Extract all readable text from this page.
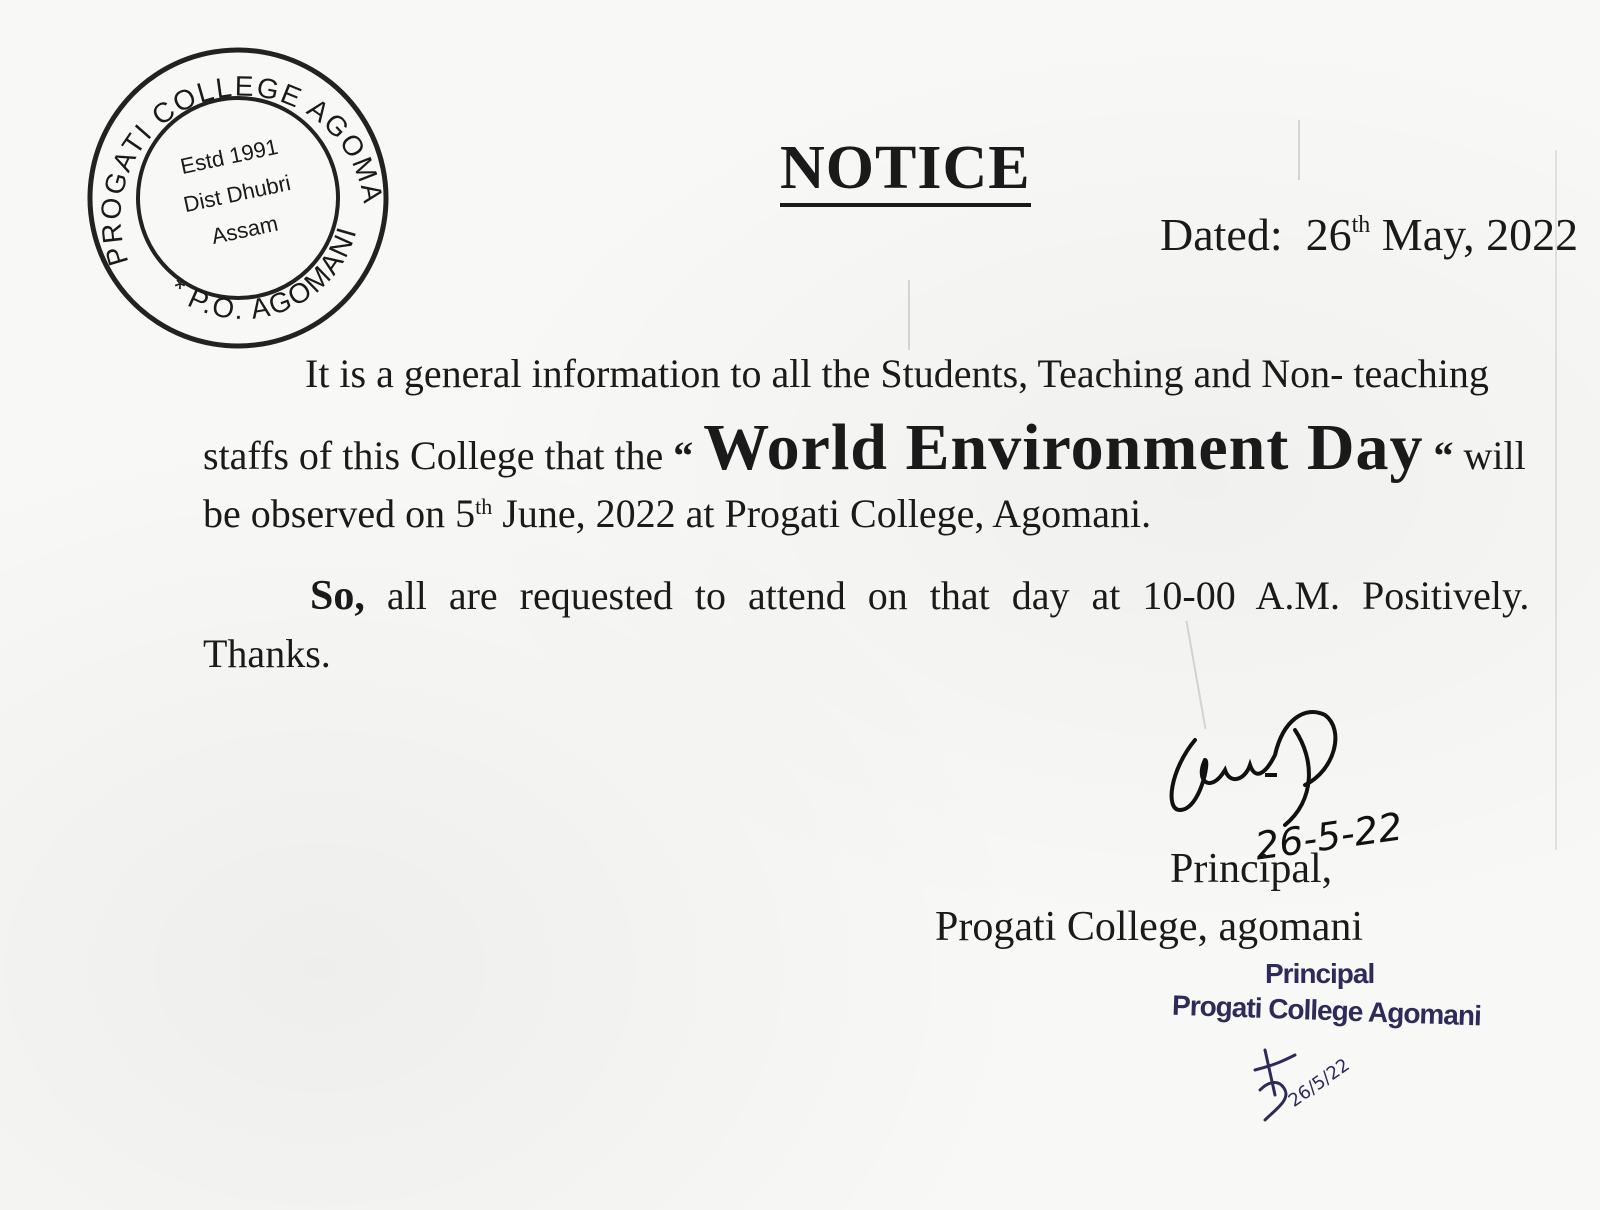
PROGATI COLLEGE AGOMANI
* P.O. AGOMANI
Estd 1991
Dist Dhubri
Assam
NOTICE
Dated: 26th May, 2022
It is a general information to all the Students, Teaching and Non- teaching
staffs of this College that the “ World Environment Day “ will
be observed on 5th June, 2022 at Progati College, Agomani.
So, all are requested to attend on that day at 10-00 A.M. Positively.
Thanks.
26-5-22
Principal,
Progati College, agomani
Principal
Progati College Agomani
26/5/22
